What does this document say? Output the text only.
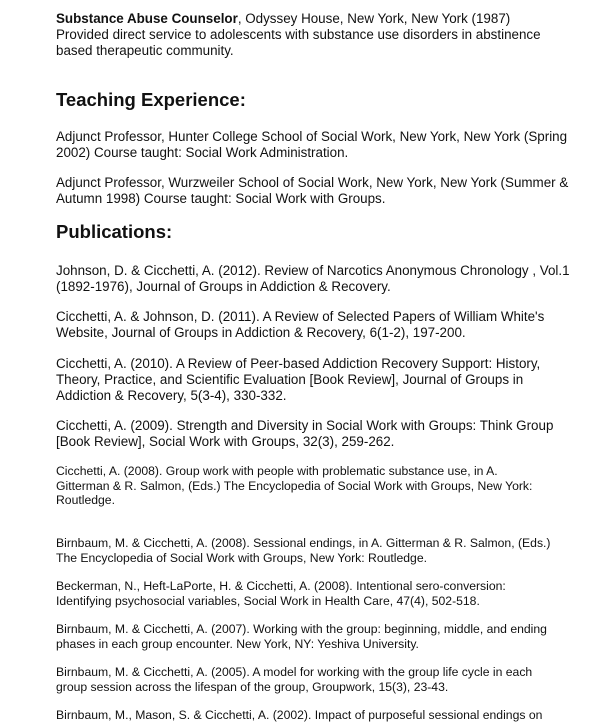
Substance Abuse Counselor, Odyssey House, New York, New York (1987)
Provided direct service to adolescents with substance use disorders in abstinence based therapeutic community.

Teaching Experience:

Adjunct Professor, Hunter College School of Social Work, New York, New York (Spring 2002) Course taught: Social Work Administration.

Adjunct Professor, Wurzweiler School of Social Work, New York, New York (Summer & Autumn 1998) Course taught: Social Work with Groups.

Publications:

Johnson, D. & Cicchetti, A. (2012). Review of Narcotics Anonymous Chronology , Vol.1 (1892-1976), Journal of Groups in Addiction & Recovery.

Cicchetti, A. & Johnson, D. (2011). A Review of Selected Papers of William White's Website, Journal of Groups in Addiction & Recovery, 6(1-2), 197-200.

Cicchetti, A. (2010). A Review of Peer-based Addiction Recovery Support: History, Theory, Practice, and Scientific Evaluation [Book Review], Journal of Groups in Addiction & Recovery, 5(3-4), 330-332.

Cicchetti, A. (2009). Strength and Diversity in Social Work with Groups: Think Group [Book Review], Social Work with Groups, 32(3), 259-262.

Cicchetti, A. (2008). Group work with people with problematic substance use, in A. Gitterman & R. Salmon, (Eds.) The Encyclopedia of Social Work with Groups, New York:

Routledge.

Birnbaum, M. & Cicchetti, A. (2008). Sessional endings, in A. Gitterman & R. Salmon, (Eds.) The Encyclopedia of Social Work with Groups, New York: Routledge.

Beckerman, N., Heft-LaPorte, H. & Cicchetti, A. (2008). Intentional sero-conversion: Identifying psychosocial variables, Social Work in Health Care, 47(4), 502-518.

Birnbaum, M. & Cicchetti, A. (2007). Working with the group: beginning, middle, and ending phases in each group encounter. New York, NY: Yeshiva University.

Birnbaum, M. & Cicchetti, A. (2005). A model for working with the group life cycle in each group session across the lifespan of the group, Groupwork, 15(3), 23-43.

Birnbaum, M., Mason, S. & Cicchetti, A. (2002). Impact of purposeful sessional endings on
